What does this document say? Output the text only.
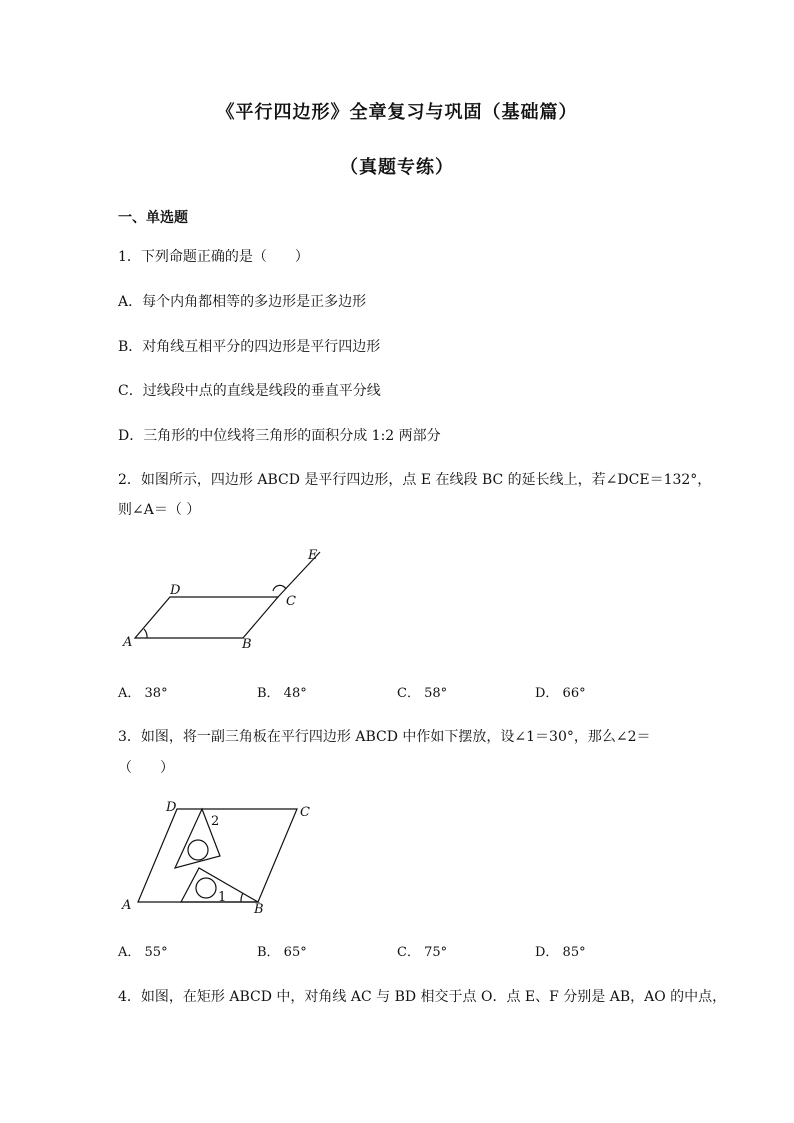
《平行四边形》全章复习与巩固（基础篇）
（真题专练）
一、单选题
1．下列命题正确的是（　　）
A．每个内角都相等的多边形是正多边形
B．对角线互相平分的四边形是平行四边形
C．过线段中点的直线是线段的垂直平分线
D．三角形的中位线将三角形的面积分成 1:2 两部分
2．如图所示，四边形 ABCD 是平行四边形，点 E 在线段 BC 的延长线上，若∠DCE＝132°，
则∠A＝（ ）
A	B
C
D
E
A． 38°	B． 48°	C． 58°	D． 66°
3．如图，将一副三角板在平行四边形 ABCD 中作如下摆放，设∠1＝30°，那么∠2＝
（　　）
A	B
C
D
1
2
A． 55°	B． 65°	C． 75°	D． 85°
4．如图，在矩形 ABCD 中，对角线 AC 与 BD 相交于点 O．点 E、F 分别是 AB，AO 的中点，
